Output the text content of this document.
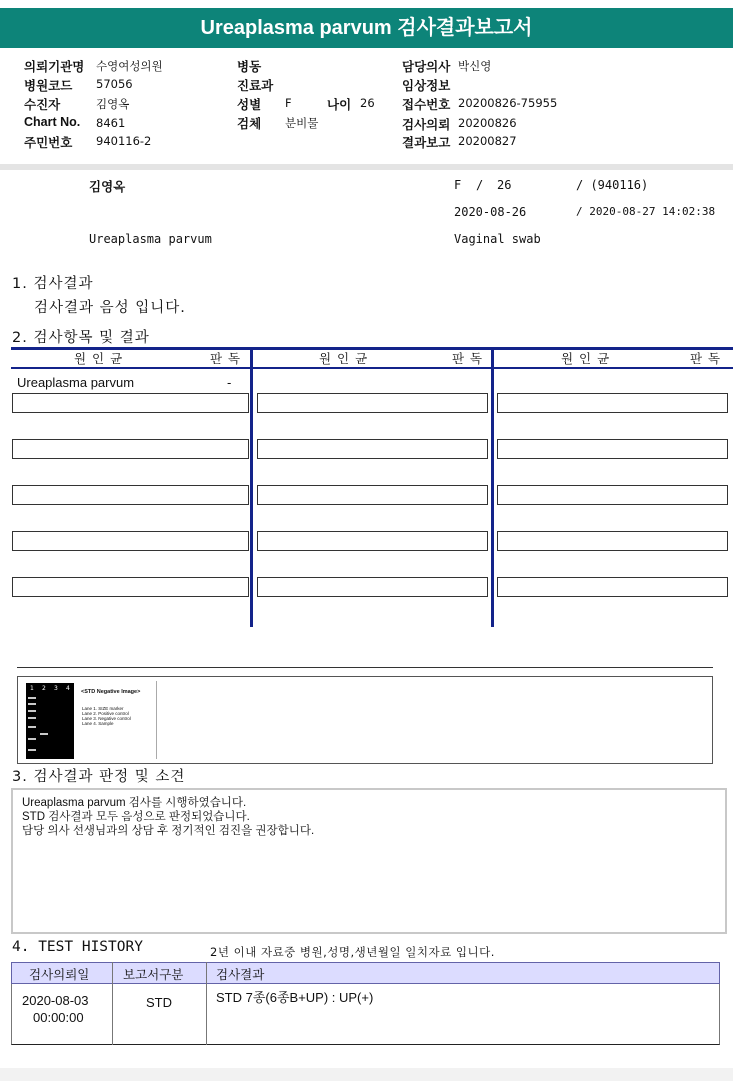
Ureaplasma parvum 검사결과보고서
의뢰기관명 수영여성의원
병원코드 57056
수진자	김영옥
Chart No. 8461
주민번호 940116-2
병동
진료과
성별 F	나이 26
검체 분비물
담당의사 박신영
임상정보
접수번호 20200826-75955
검사의뢰 20200826
결과보고 20200827
김영옥	F / 26	/ (940116)
2020-08-26	/ 2020-08-27 14:02:38
Ureaplasma parvum	Vaginal swab
1. 검사결과
검사결과 음성 입니다.
2. 검사항목 및 결과
원 인 균	판 독	원 인 균	판 독	원 인 균	판 독
Ureaplasma parvum	-
1 2 3 4 <STD Negative Image>
Lane 1. SIZE marker
Lane 2. Positive control
Lane 3. Negative control
Lane 4. Sample
3. 검사결과 판정 및 소견
Ureaplasma parvum 검사를 시행하였습니다.
STD 검사결과 모두 음성으로 판정되었습니다.
담당 의사 선생님과의 상담 후 정기적인 검진을 권장합니다.
4. TEST HISTORY	2년 이내 자료중 병원,성명,생년월일 일치자료 입니다.
검사의뢰일	보고서구분	검사결과
2020-08-03
00:00:00
STD	STD 7종(6종B+UP) : UP(+)
